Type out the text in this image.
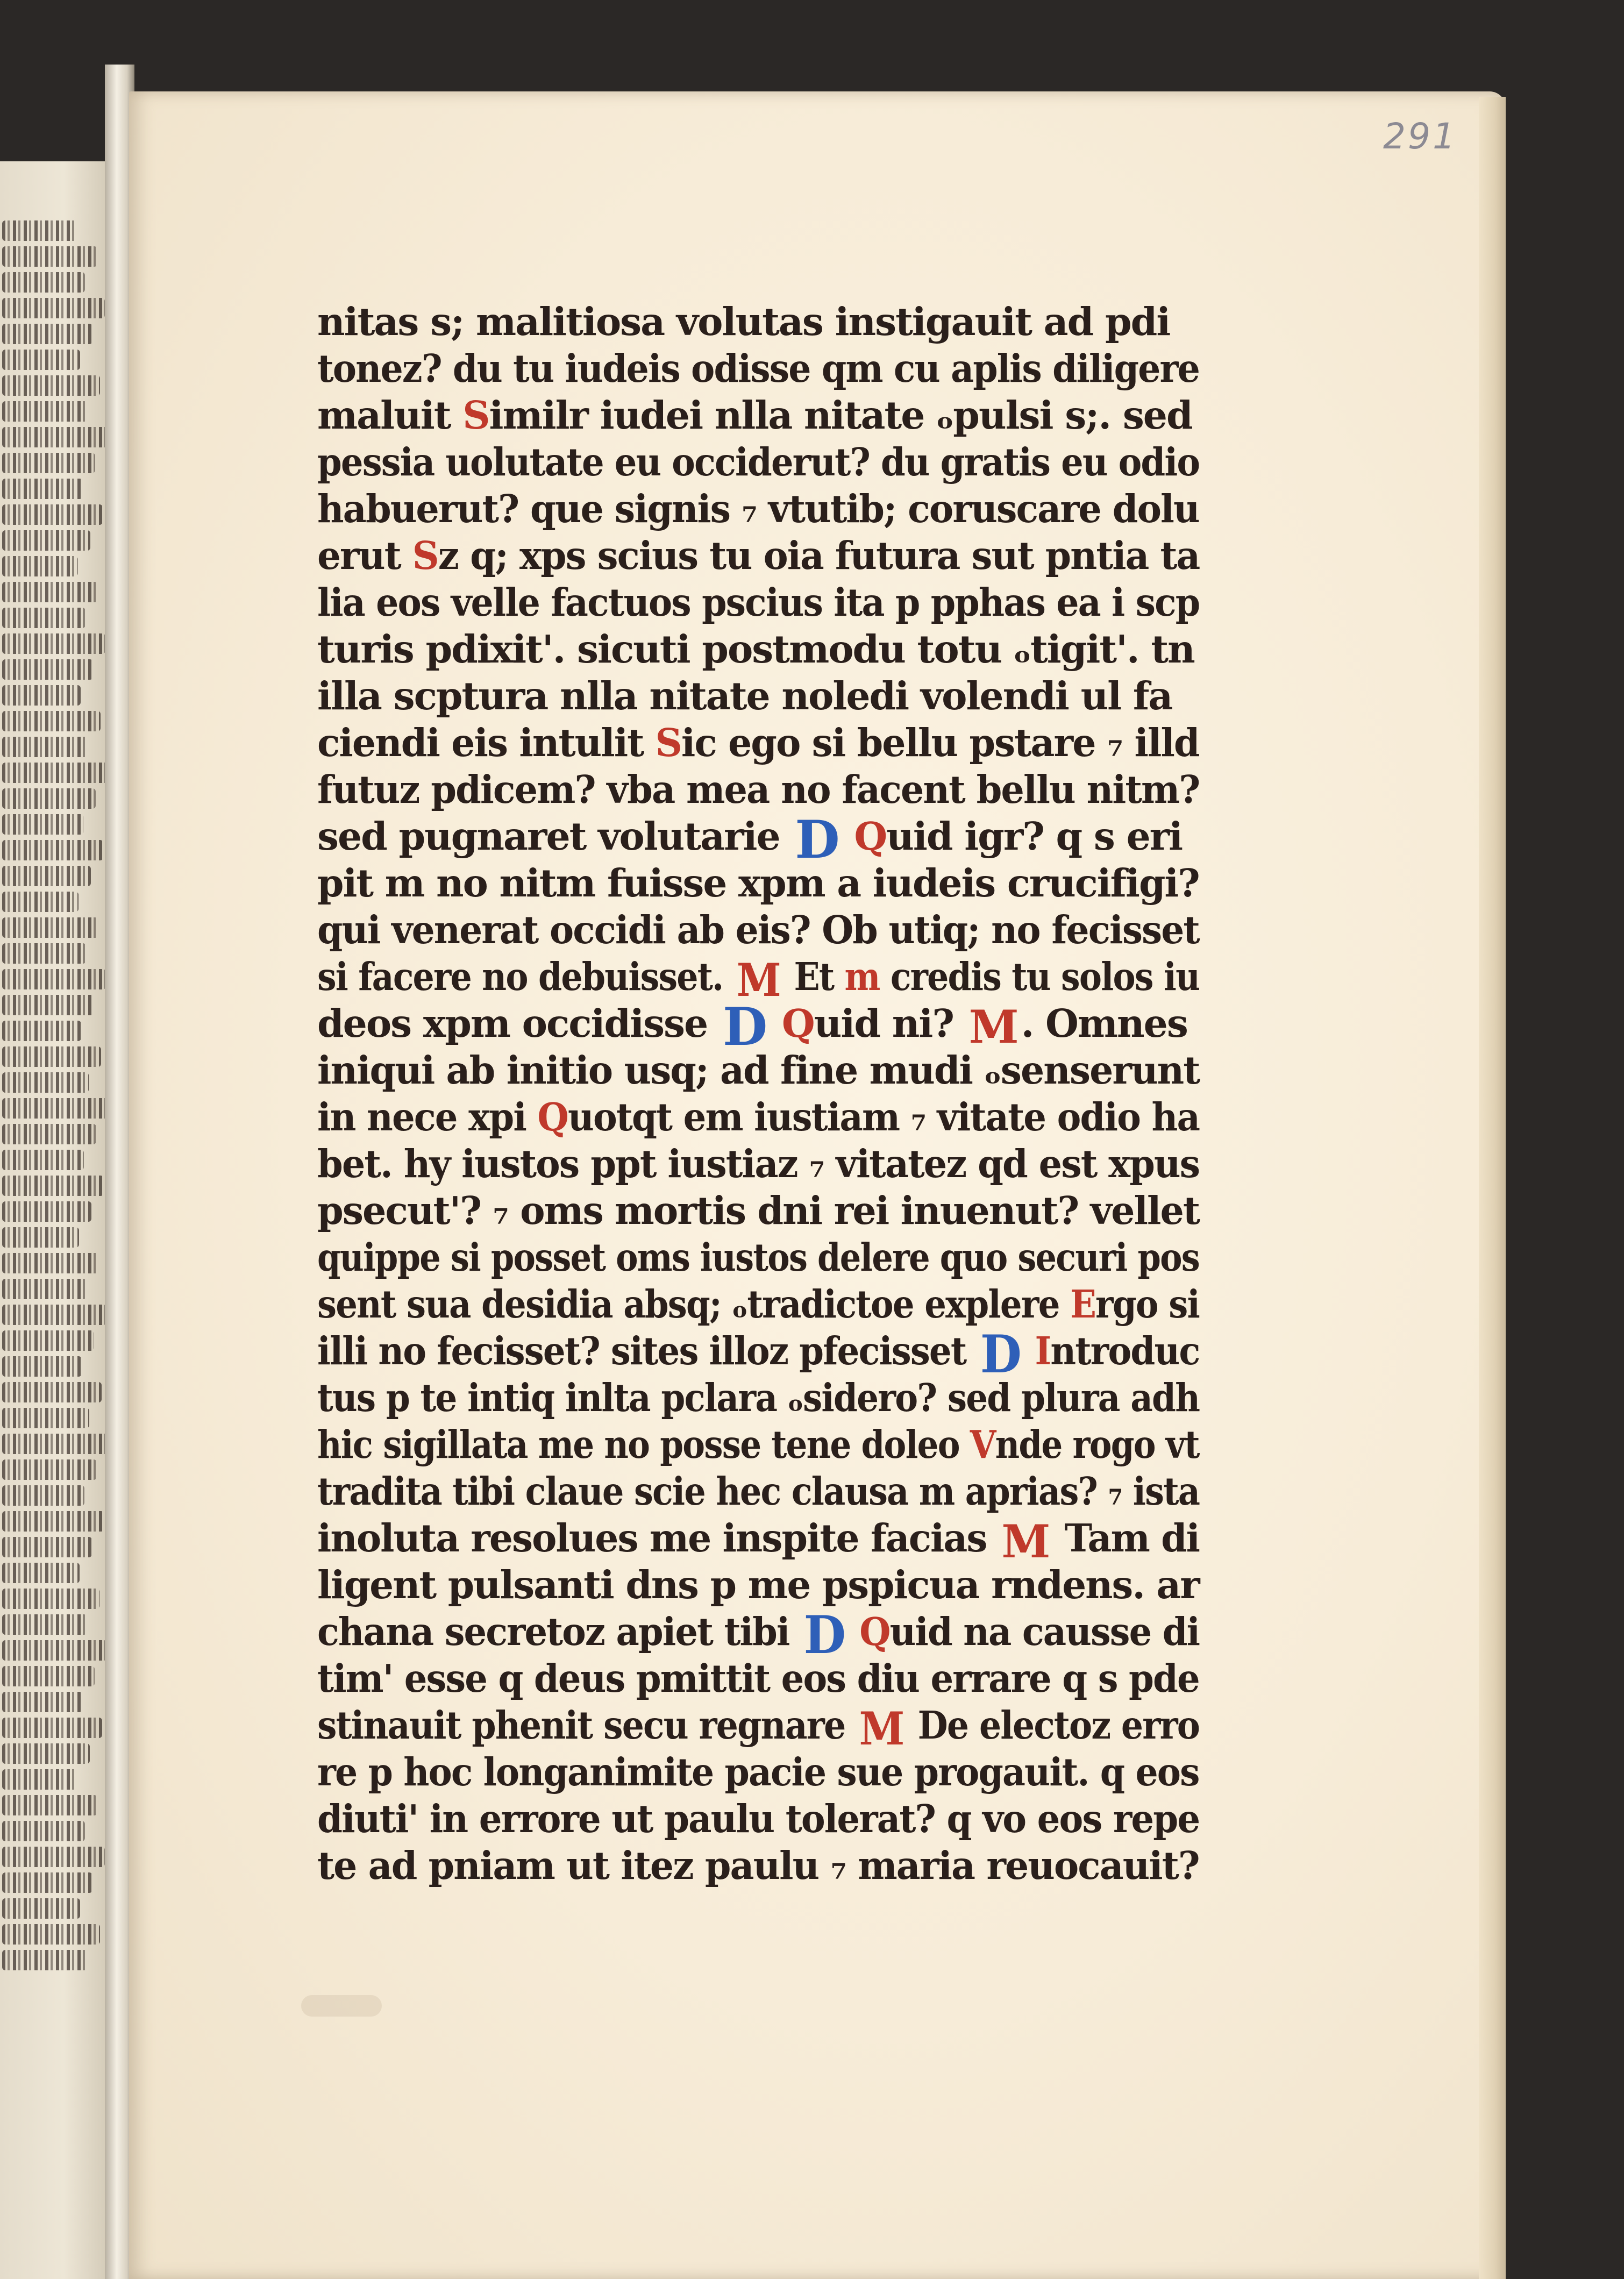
291
nitas s; malitiosa volutas instigauit ad pdi
tonez? du tu iudeis odisse qm cu aplis diligere
maluit Similr iudei nlla nitate ₒpulsi s;. sed
pessia uolutate eu occiderut? du gratis eu odio
habuerut? que signis ₇ vtutib; coruscare dolu
erut Sz q; xps scius tu oia futura sut pntia ta
lia eos velle factuos pscius ita p pphas ea i scp
turis pdixit'. sicuti postmodu totu ₒtigit'. tn
illa scptura nlla nitate noledi volendi ul fa
ciendi eis intulit Sic ego si bellu pstare ₇ illd
futuz pdicem? vba mea no facent bellu nitm?
sed pugnaret volutarie D Quid igr? q s eri
pit m no nitm fuisse xpm a iudeis crucifigi?
qui venerat occidi ab eis? Ob utiq; no fecisset
si facere no debuisset. M Et m credis tu solos iu
deos xpm occidisse D Quid ni? M. Omnes
iniqui ab initio usq; ad fine mudi ₒsenserunt
in nece xpi Quotqt em iustiam ₇ vitate odio ha
bet. hy iustos ppt iustiaz ₇ vitatez qd est xpus
psecut'? ₇ oms mortis dni rei inuenut? vellet
quippe si posset oms iustos delere quo securi pos
sent sua desidia absq; ₒtradictoe explere Ergo si
illi no fecisset? sites illoz pfecisset D Introduc
tus p te intiq inlta pclara ₒsidero? sed plura adh
hic sigillata me no posse tene doleo Vnde rogo vt
tradita tibi claue scie hec clausa m aprias? ₇ ista
inoluta resolues me inspite facias M Tam di
ligent pulsanti dns p me pspicua rndens. ar
chana secretoz apiet tibi D Quid na causse di
tim' esse q deus pmittit eos diu errare q s pde
stinauit phenit secu regnare M De electoz erro
re p hoc longanimite pacie sue progauit. q eos
diuti' in errore ut paulu tolerat? q vo eos repe
te ad pniam ut itez paulu ₇ maria reuocauit?
